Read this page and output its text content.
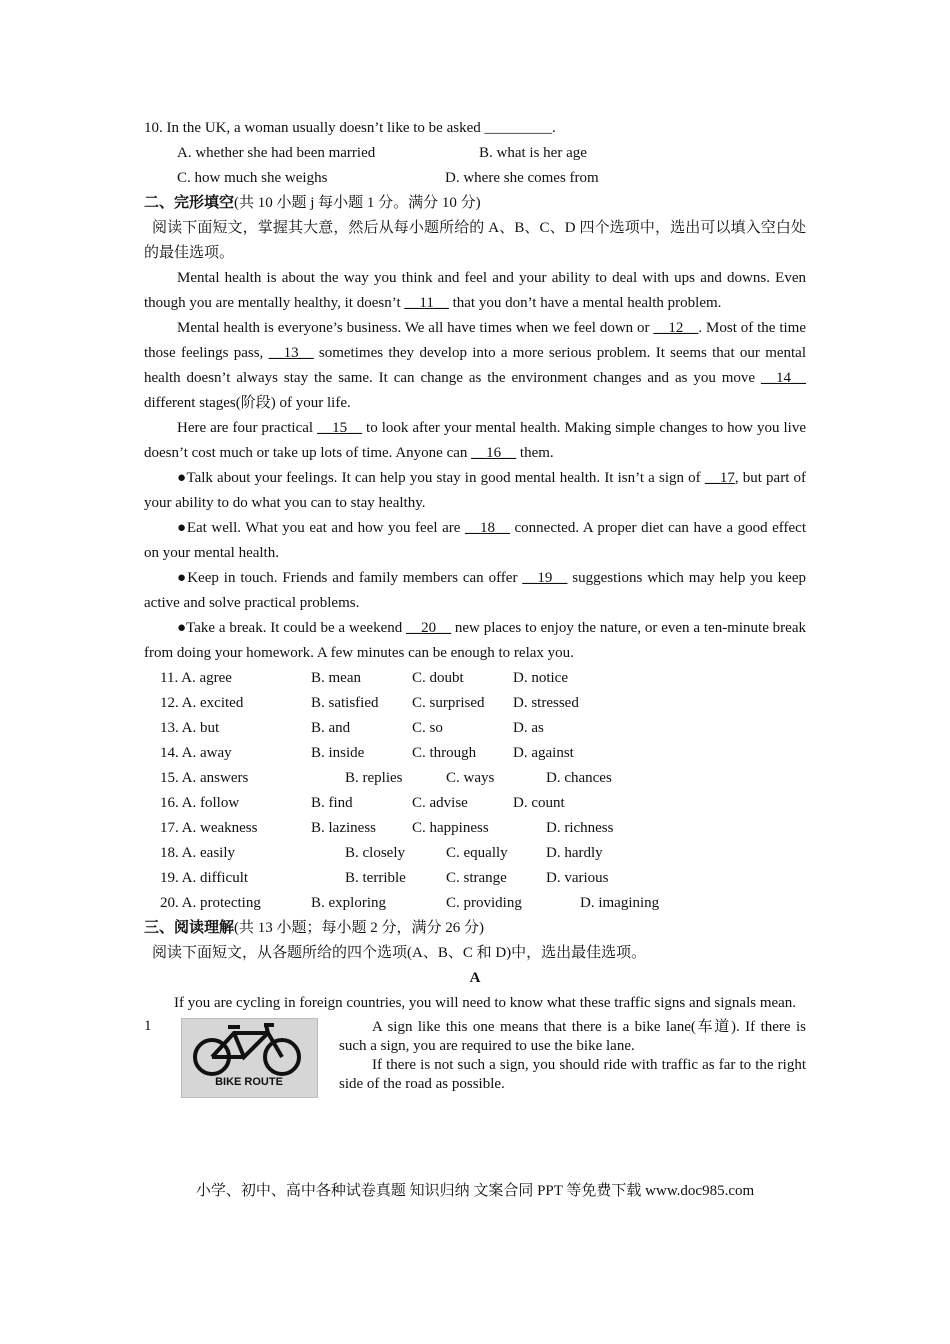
10. In the UK, a woman usually doesn’t like to be asked _________.
A. whether she had been married	B. what is her age
C. how much she weighs	D. where she comes from
二、完形填空(共 10 小题 j 每小题 1 分。满分 10 分)
阅读下面短文，掌握其大意，然后从每小题所给的 A、B、C、D 四个选项中，选出可以填入空白处的最佳选项。
Mental health is about the way you think and feel and your ability to deal with ups and downs. Even though you are mentally healthy, it doesn’t __11__ that you don’t have a mental health problem.
Mental health is everyone’s business. We all have times when we feel down or __12__. Most of the time those feelings pass, __13__ sometimes they develop into a more serious problem. It seems that our mental health doesn’t always stay the same. It can change as the environment changes and as you move __14__ different stages(阶段) of your life.
Here are four practical __15__ to look after your mental health. Making simple changes to how you live doesn’t cost much or take up lots of time. Anyone can __16__ them.
●Talk about your feelings. It can help you stay in good mental health. It isn’t a sign of __17, but part of your ability to do what you can to stay healthy.
●Eat well. What you eat and how you feel are __18__ connected. A proper diet can have a good effect on your mental health.
●Keep in touch. Friends and family members can offer __19__ suggestions which may help you keep active and solve practical problems.
●Take a break. It could be a weekend __20__ new places to enjoy the nature, or even a ten-minute break from doing your homework. A few minutes can be enough to relax you.
11. A. agree	B. mean	C. doubt	D. notice
12. A. excited	B. satisfied C. surprised D. stressed
13. A. but	B. and	C. so	D. as
14. A. away	B. inside	C. through D. against
15. A. answers	B. replies	C. ways	D. chances
16. A. follow	B. find	C. advise	D. count
17. A. weakness	B. laziness C. happiness	D. richness
18. A. easily	B. closely	C. equally	D. hardly
19. A. difficult	B. terrible	C. strange	D. various
20. A. protecting	B. exploring	C. providing	D. imagining
三、阅读理解(共 13 小题；每小题 2 分，满分 26 分)
阅读下面短文，从各题所给的四个选项(A、B、C 和 D)中，选出最佳选项。
A
If you are cycling in foreign countries, you will need to know what these traffic signs and signals mean.
1
BIKE ROUTE
A sign like this one means that there is a bike lane(车道). If there is such a sign, you are required to use the bike lane.
If there is not such a sign, you should ride with traffic as far to the right side of the road as possible.
小学、初中、高中各种试卷真题 知识归纳 文案合同 PPT 等免费下载 www.doc985.com
